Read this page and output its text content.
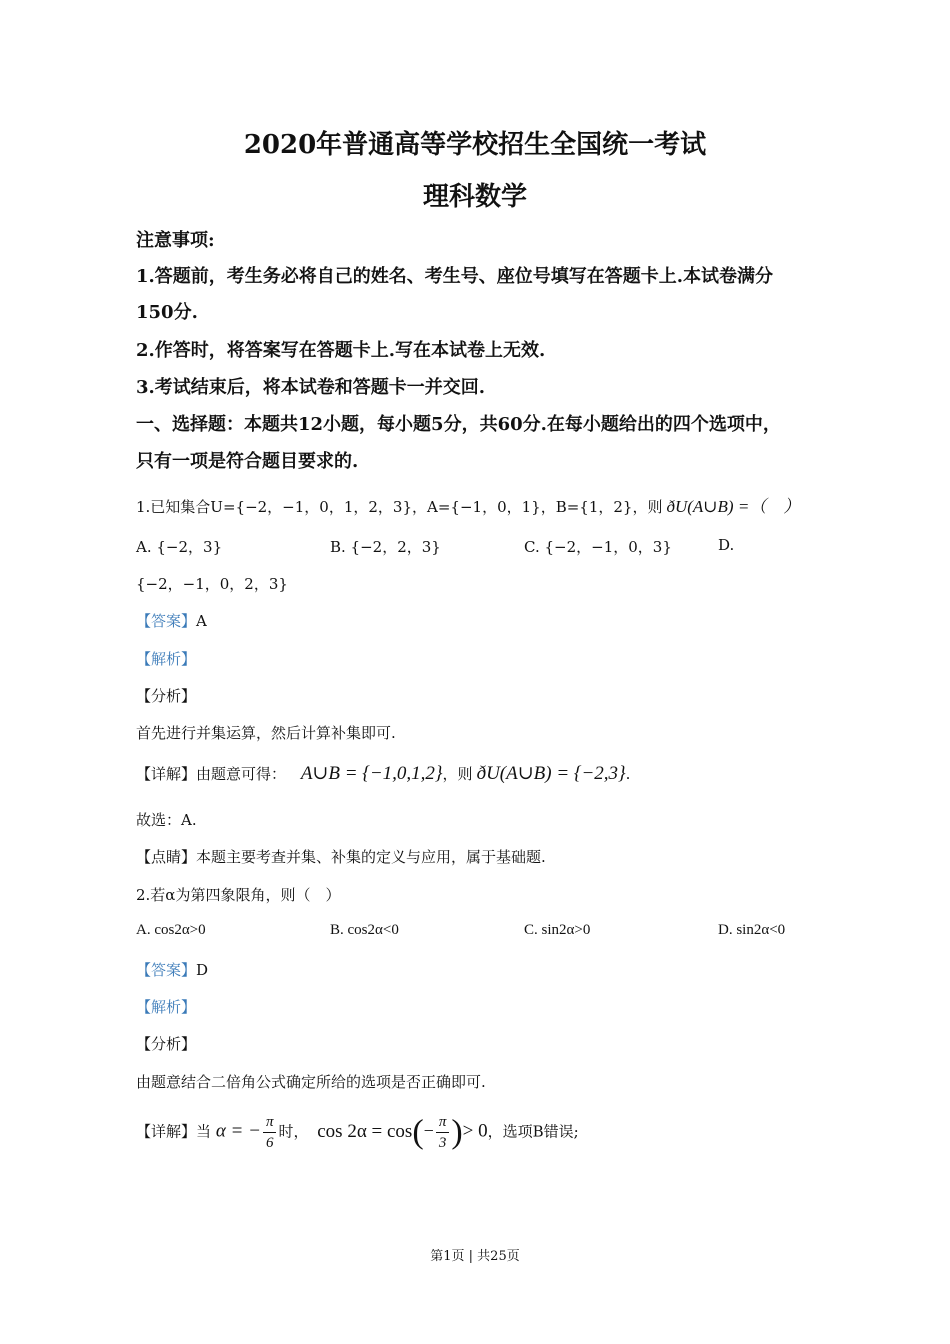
2020年普通高等学校招生全国统一考试
理科数学
注意事项:
1.答题前，考生务必将自己的姓名、考生号、座位号填写在答题卡上.本试卷满分
150分.
2.作答时，将答案写在答题卡上.写在本试卷上无效.
3.考试结束后，将本试卷和答题卡一并交回.
一、选择题：本题共12小题，每小题5分，共60分.在每小题给出的四个选项中，
只有一项是符合题目要求的.
1.已知集合U={−2，−1，0，1，2，3}，A={−1，0，1}，B={1，2}，则 ðU(A∪B) =（　）
A. {−2，3}	B. {−2，2，3}	C. {−2，−1，0，3}	D.
{−2，−1，0，2，3}
【答案】A
【解析】
【分析】
首先进行并集运算，然后计算补集即可.
【详解】由题意可得： A∪B = {−1,0,1,2}，则 ðU(A∪B) = {−2,3}.
故选：A.
【点睛】本题主要考查并集、补集的定义与应用，属于基础题.
2.若α为第四象限角，则（　）
A. cos2α>0	B. cos2α<0	C. sin2α>0	D. sin2α<0
【答案】D
【解析】
【分析】
由题意结合二倍角公式确定所给的选项是否正确即可.
【详解】当 α = − $\frac{\pi}{6}$ 时， $\cos 2\alpha = \cos(- \frac{\pi}{3}$ )> 0，选项B错误;
第1页 | 共25页
